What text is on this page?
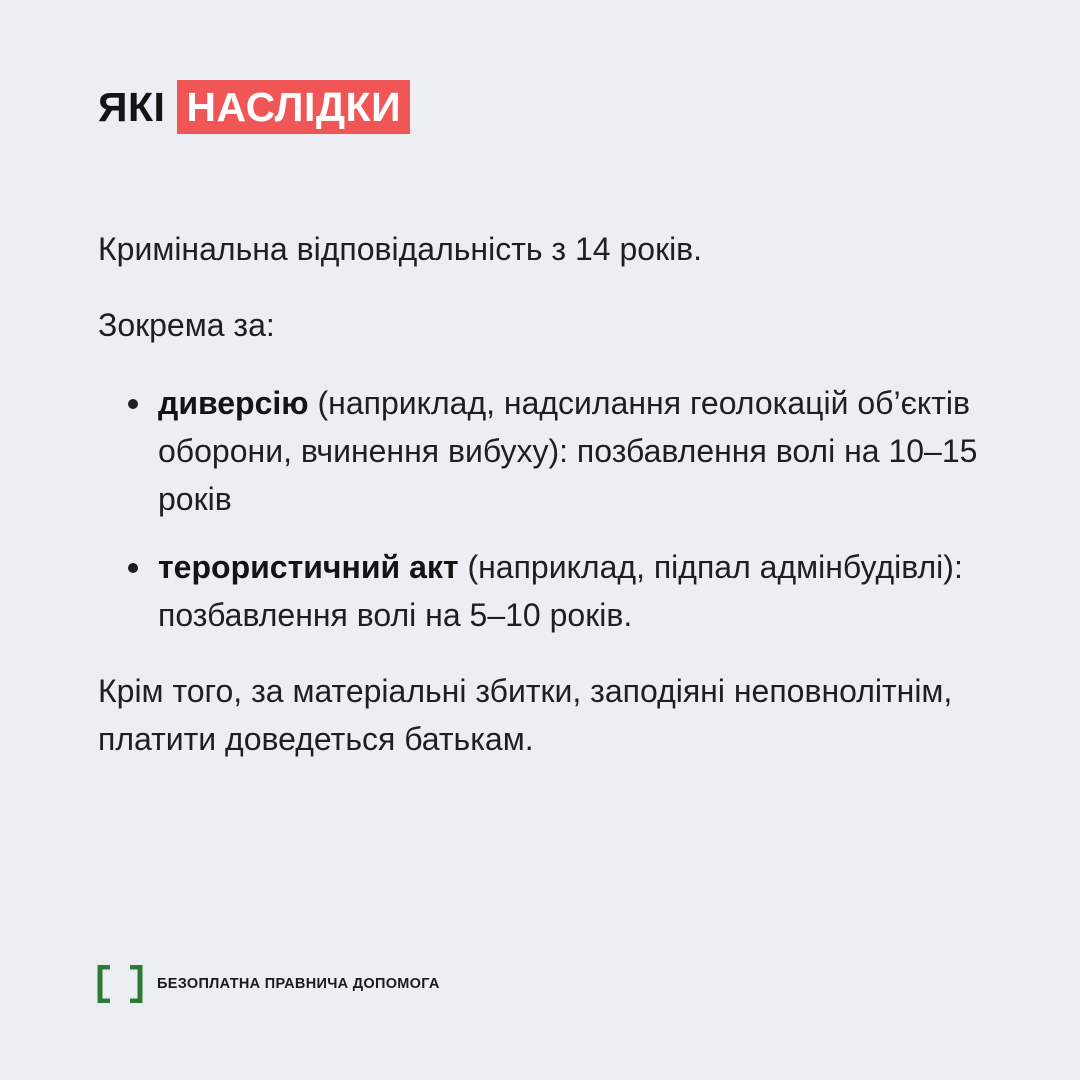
ЯКІ НАСЛІДКИ

Кримінальна відповідальність з 14 років.

Зокрема за:

диверсію (наприклад, надсилання геолокацій об’єктів оборони, вчинення вибуху): позбавлення волі на 10–15 років
терористичний акт (наприклад, підпал адмінбудівлі): позбавлення волі на 5–10 років.

Крім того, за матеріальні збитки, заподіяні неповнолітнім, платити доведеться батькам.

БЕЗОПЛАТНА ПРАВНИЧА ДОПОМОГА
